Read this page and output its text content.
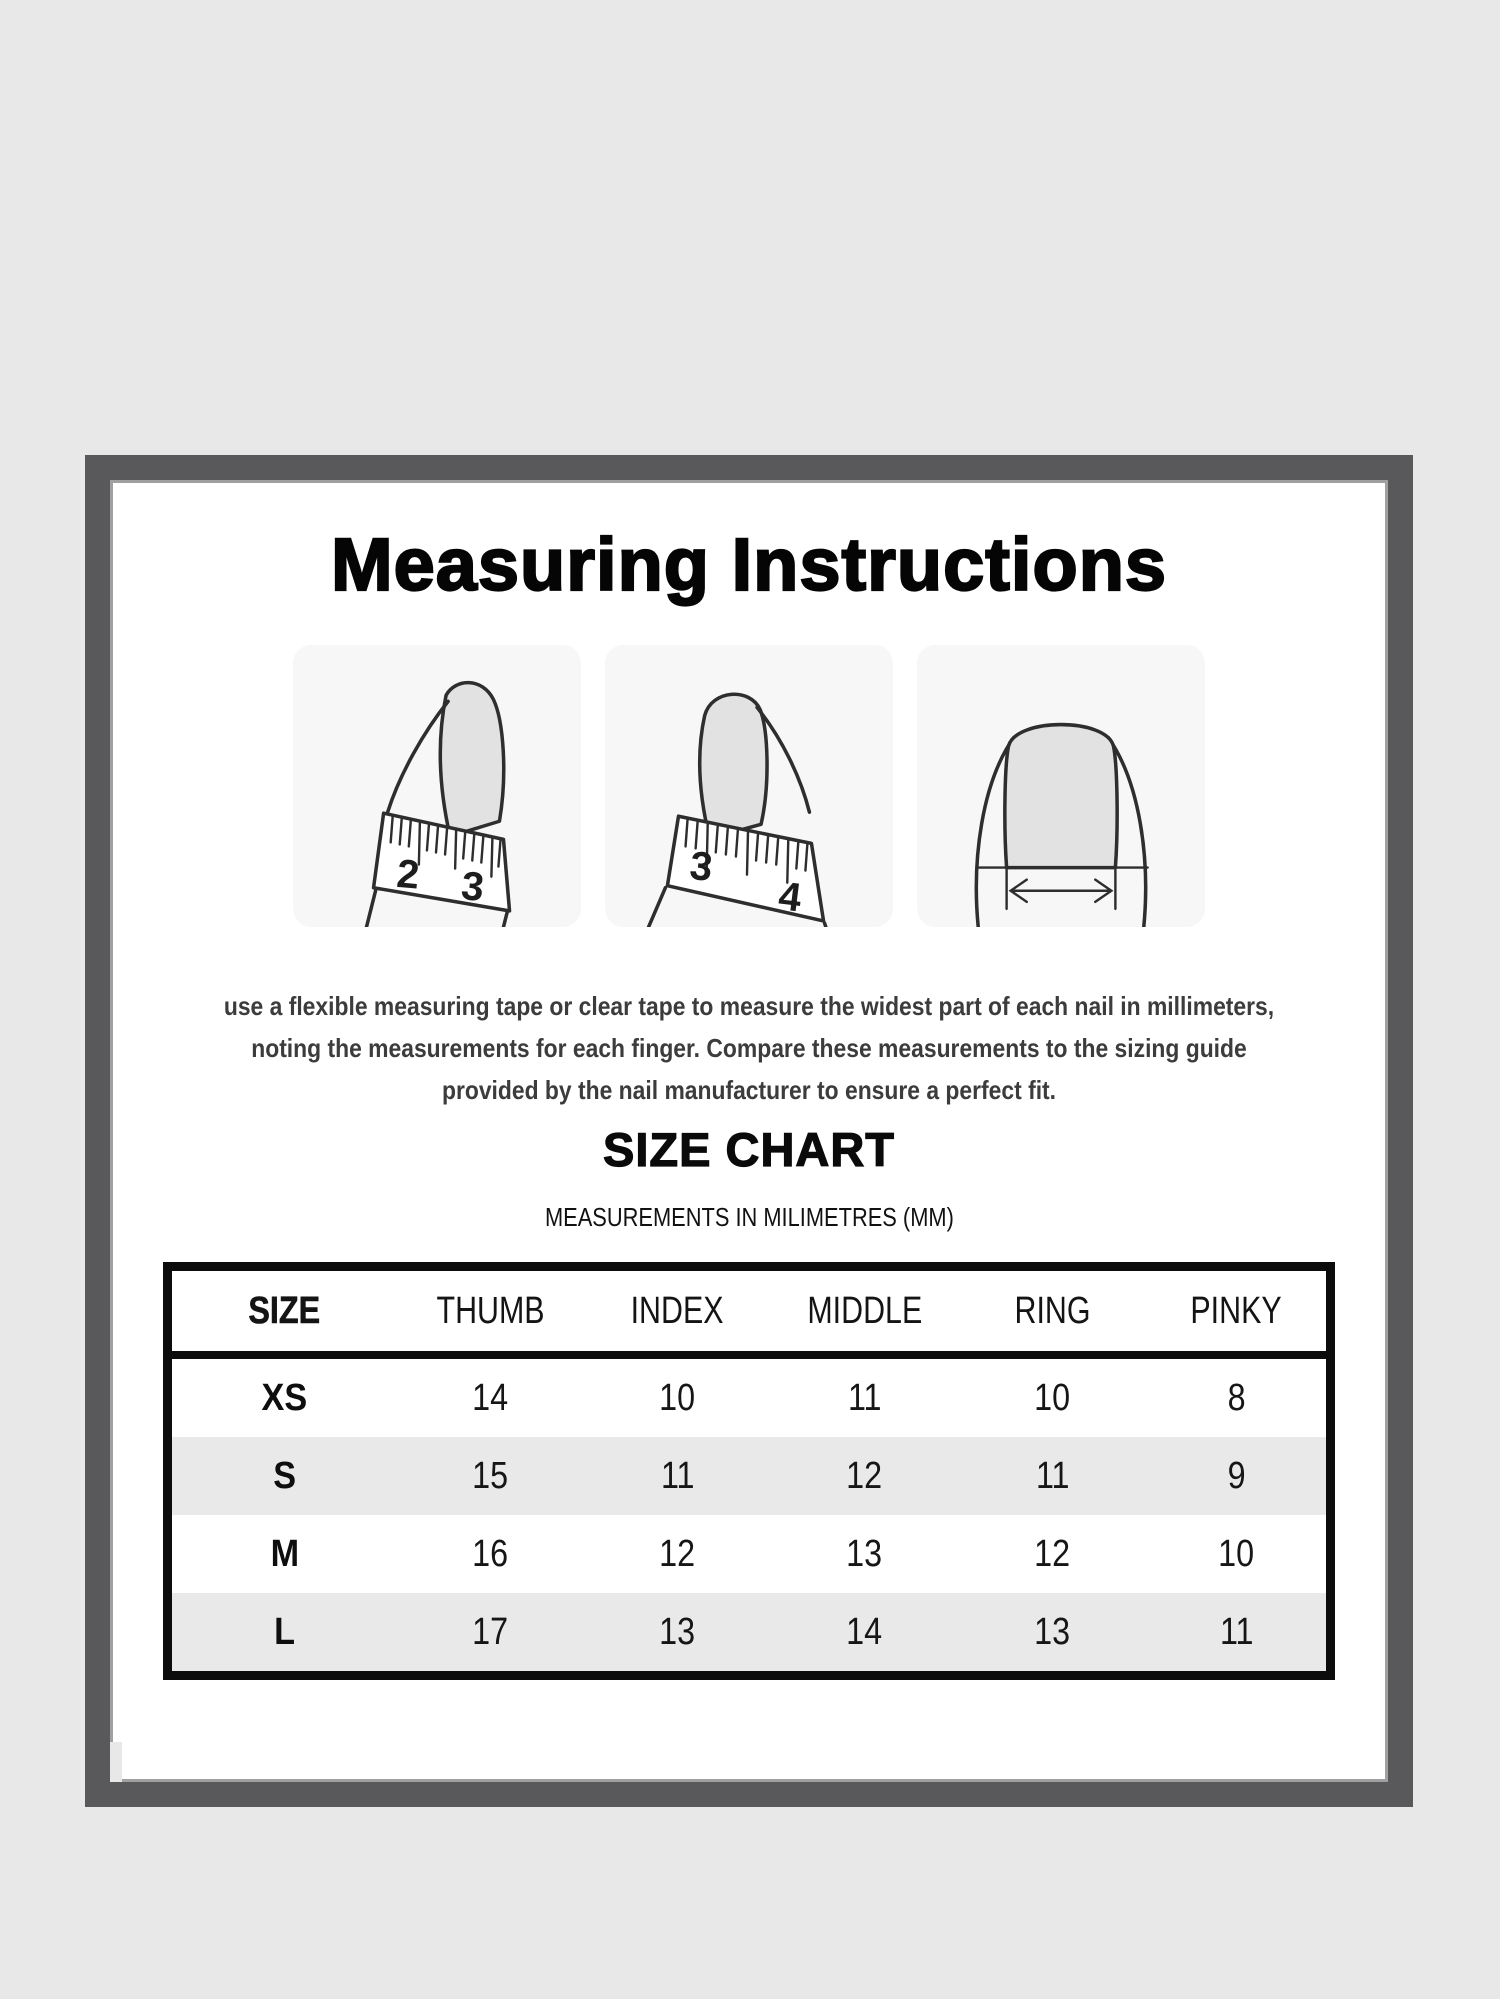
Measuring Instructions
2 3	3
4
use a flexible measuring tape or clear tape to measure the widest part of each nail in millimeters,
noting the measurements for each finger. Compare these measurements to the sizing guide
provided by the nail manufacturer to ensure a perfect fit.
SIZE CHART
MEASUREMENTS IN MILIMETRES (MM)
SIZE	THUMB	INDEX	MIDDLE	RING	PINKY
XS	14	10	11	10	8
S	15	11	12	11	9
M	16	12	13	12	10
L	17	13	14	13	11
